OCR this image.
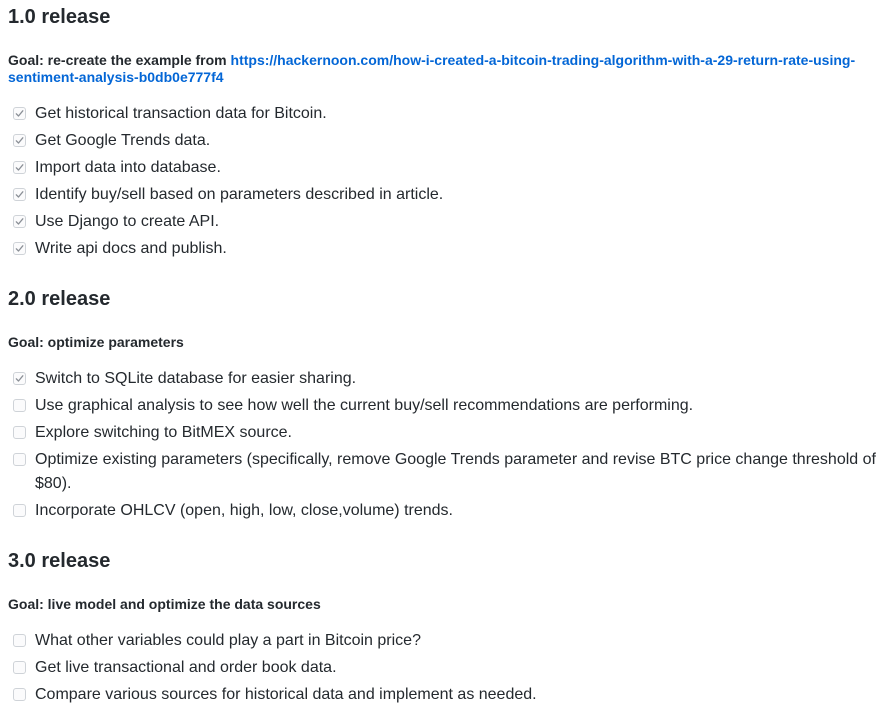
1.0 release

Goal: re-create the example from https://hackernoon.com/how-i-created-a-bitcoin-trading-algorithm-with-a-29-return-rate-using-sentiment-analysis-b0db0e777f4

Get historical transaction data for Bitcoin.
Get Google Trends data.
Import data into database.
Identify buy/sell based on parameters described in article.
Use Django to create API.
Write api docs and publish.
2.0 release

Goal: optimize parameters

Switch to SQLite database for easier sharing.
Use graphical analysis to see how well the current buy/sell recommendations are performing.
Explore switching to BitMEX source.
Optimize existing parameters (specifically, remove Google Trends parameter and revise BTC price change threshold of $80).
Incorporate OHLCV (open, high, low, close,volume) trends.
3.0 release

Goal: live model and optimize the data sources

What other variables could play a part in Bitcoin price?
Get live transactional and order book data.
Compare various sources for historical data and implement as needed.
